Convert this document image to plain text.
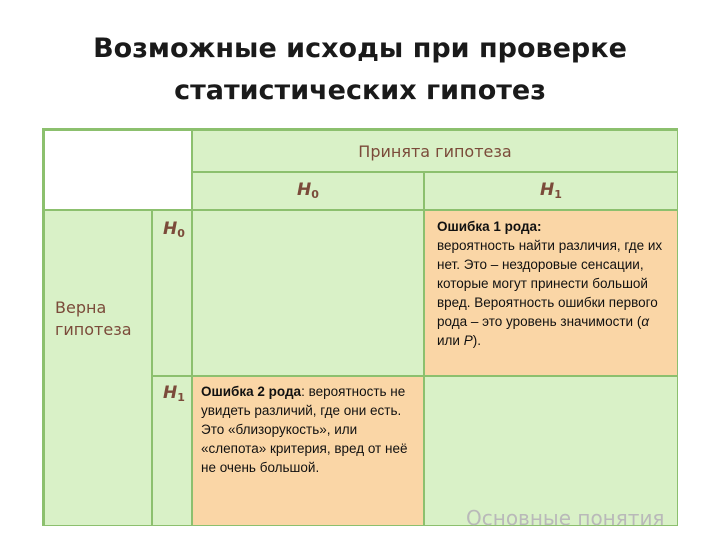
Возможные исходы при проверке
статистических гипотез
Принята гипотеза
$H_0$	$H_1$
Верна
гипотеза
$H_0$
$H_1$
Ошибка 1 рода:
вероятность найти различия, где их нет. Это – нездоровые сенсации, которые могут принести большой вред. Вероятность ошибки первого рода – это уровень значимости (α или P).
Ошибка 2 рода: вероятность не увидеть различий, где они есть. Это «близорукость», или «слепота» критерия, вред от неё не очень большой.
Основные понятия
